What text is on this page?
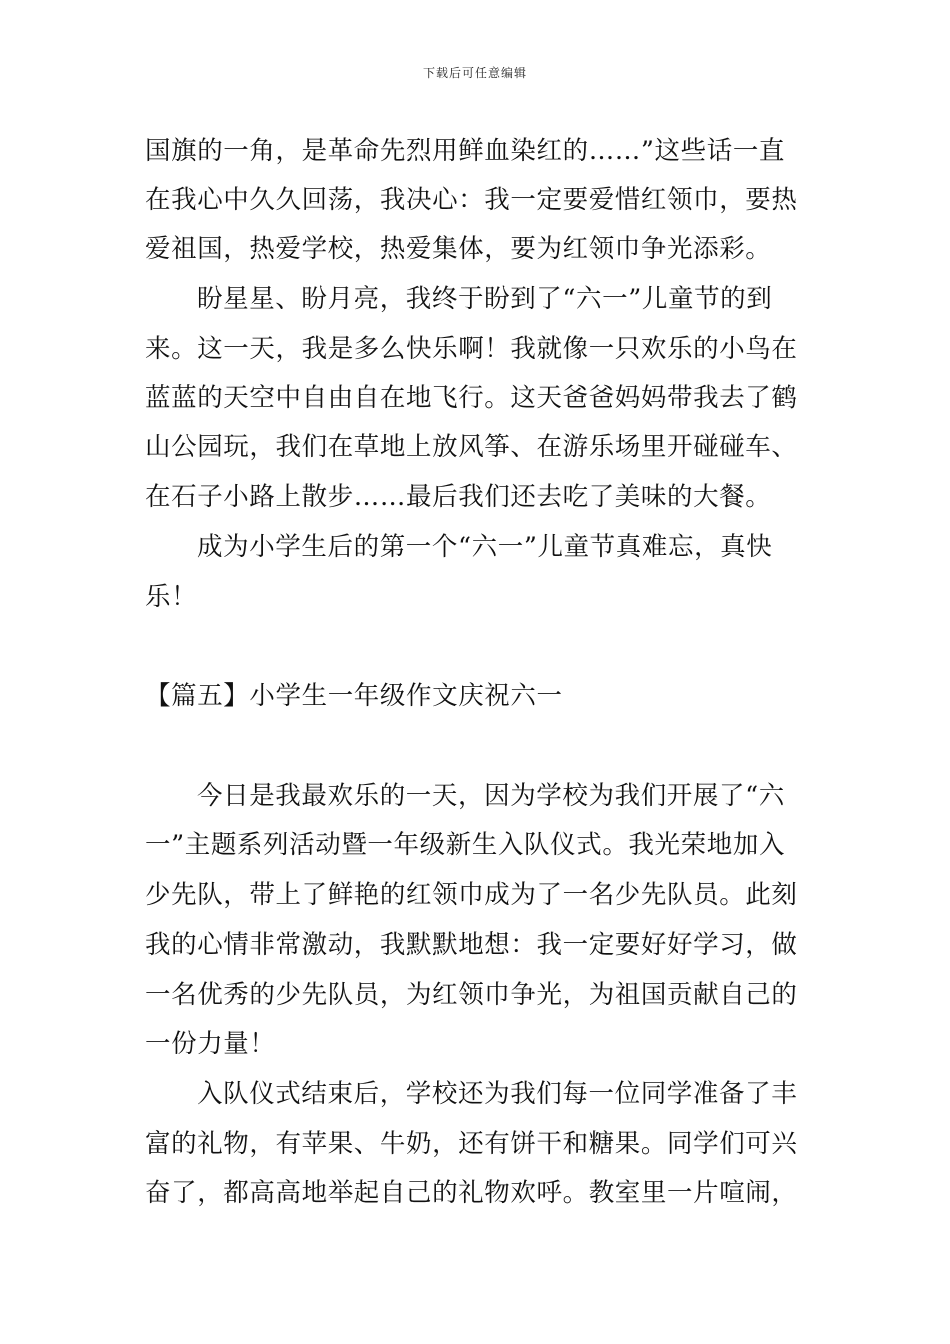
下载后可任意编辑
国旗的一角，是革命先烈用鲜血染红的……”这些话一直
在我心中久久回荡，我决心：我一定要爱惜红领巾，要热
爱祖国，热爱学校，热爱集体，要为红领巾争光添彩。
盼星星、盼月亮，我终于盼到了“六一”儿童节的到
来。这一天，我是多么快乐啊！我就像一只欢乐的小鸟在
蓝蓝的天空中自由自在地飞行。这天爸爸妈妈带我去了鹤
山公园玩，我们在草地上放风筝、在游乐场里开碰碰车、
在石子小路上散步……最后我们还去吃了美味的大餐。
成为小学生后的第一个“六一”儿童节真难忘，真快
乐！
【篇五】小学生一年级作文庆祝六一
今日是我最欢乐的一天，因为学校为我们开展了“六
一”主题系列活动暨一年级新生入队仪式。我光荣地加入
少先队，带上了鲜艳的红领巾成为了一名少先队员。此刻
我的心情非常激动，我默默地想：我一定要好好学习，做
一名优秀的少先队员，为红领巾争光，为祖国贡献自己的
一份力量！
入队仪式结束后，学校还为我们每一位同学准备了丰
富的礼物，有苹果、牛奶，还有饼干和糖果。同学们可兴
奋了，都高高地举起自己的礼物欢呼。教室里一片喧闹，
